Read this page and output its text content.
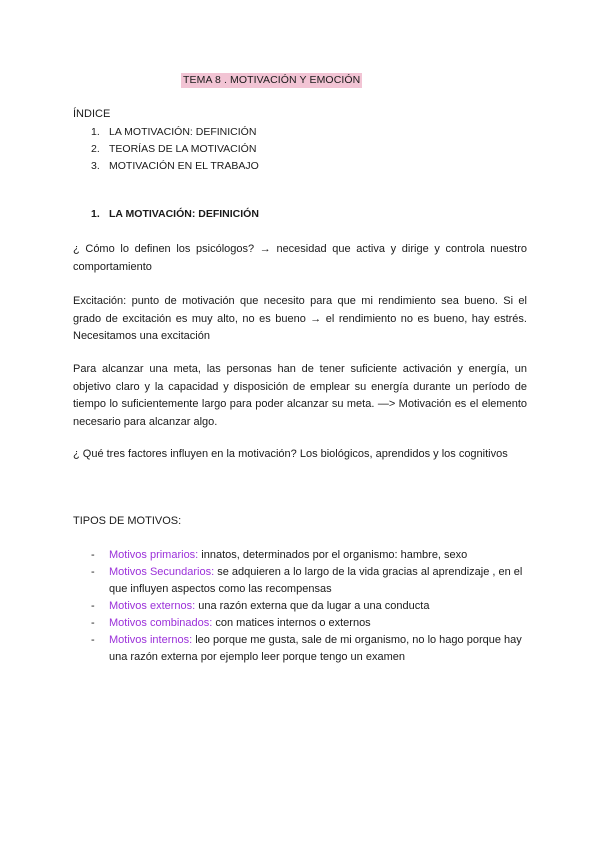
TEMA 8 . MOTIVACIÓN Y EMOCIÓN
ÍNDICE
1. LA MOTIVACIÓN: DEFINICIÓN
2. TEORÍAS DE LA MOTIVACIÓN
3. MOTIVACIÓN EN EL TRABAJO
1. LA MOTIVACIÓN: DEFINICIÓN

¿ Cómo lo definen los psicólogos? → necesidad que activa y dirige y controla nuestro comportamiento

Excitación: punto de motivación que necesito para que mi rendimiento sea bueno. Si el grado de excitación es muy alto, no es bueno → el rendimiento no es bueno, hay estrés. Necesitamos una excitación

Para alcanzar una meta, las personas han de tener suficiente activación y energía, un objetivo claro y la capacidad y disposición de emplear su energía durante un período de tiempo lo suficientemente largo para poder alcanzar su meta. —> Motivación es el elemento necesario para alcanzar algo.

¿ Qué tres factores influyen en la motivación? Los biológicos, aprendidos y los cognitivos

TIPOS DE MOTIVOS:
- Motivos primarios: innatos, determinados por el organismo: hambre, sexo
- Motivos Secundarios: se adquieren a lo largo de la vida gracias al aprendizaje , en el que influyen aspectos como las recompensas
- Motivos externos: una razón externa que da lugar a una conducta
- Motivos combinados: con matices internos o externos
- Motivos internos: leo porque me gusta, sale de mi organismo, no lo hago porque hay una razón externa por ejemplo leer porque tengo un examen
